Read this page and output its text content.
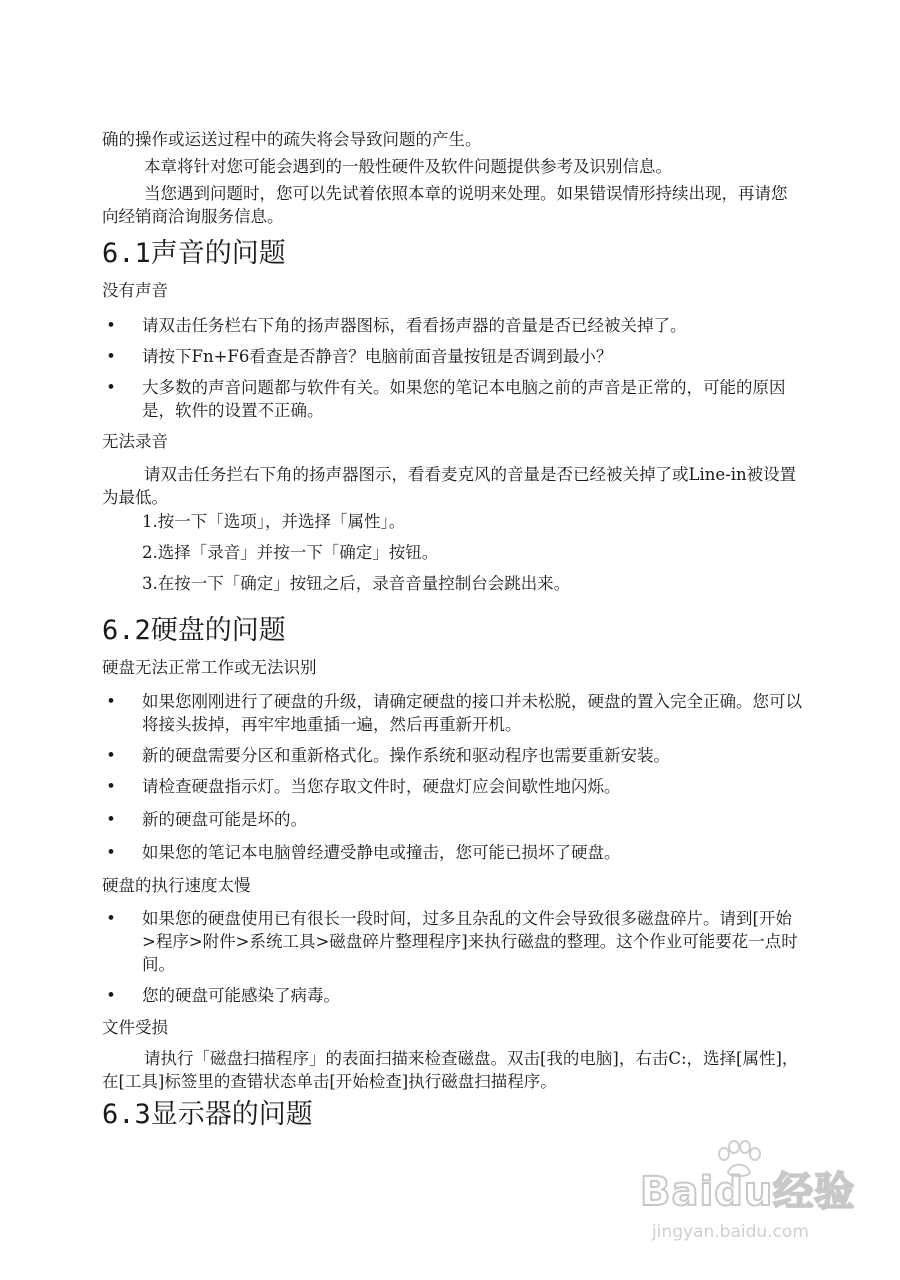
确的操作或运送过程中的疏失将会导致问题的产生。

本章将针对您可能会遇到的一般性硬件及软件问题提供参考及识别信息。

当您遇到问题时，您可以先试着依照本章的说明来处理。如果错误情形持续出现，再请您向经销商洽询服务信息。

6.1声音的问题
没有声音
• 请双击任务栏右下角的扬声器图标，看看扬声器的音量是否已经被关掉了。
• 请按下Fn+F6看查是否静音？电脑前面音量按钮是否调到最小？
• 大多数的声音问题都与软件有关。如果您的笔记本电脑之前的声音是正常的，可能的原因是，软件的设置不正确。
无法录音

请双击任务拦右下角的扬声器图示，看看麦克风的音量是否已经被关掉了或Line-in被设置为最低。

1.按一下「选项」，并选择「属性」。
2.选择「录音」并按一下「确定」按钮。
3.在按一下「确定」按钮之后，录音音量控制台会跳出来。
6.2硬盘的问题
硬盘无法正常工作或无法识别
• 如果您刚刚进行了硬盘的升级，请确定硬盘的接口并未松脱，硬盘的置入完全正确。您可以将接头拔掉，再牢牢地重插一遍，然后再重新开机。
• 新的硬盘需要分区和重新格式化。操作系统和驱动程序也需要重新安装。
• 请检查硬盘指示灯。当您存取文件时，硬盘灯应会间歇性地闪烁。
• 新的硬盘可能是坏的。
• 如果您的笔记本电脑曾经遭受静电或撞击，您可能已损坏了硬盘。
硬盘的执行速度太慢
• 如果您的硬盘使用已有很长一段时间，过多且杂乱的文件会导致很多磁盘碎片。请到[开始>程序>附件>系统工具>磁盘碎片整理程序]来执行磁盘的整理。这个作业可能要花一点时间。
• 您的硬盘可能感染了病毒。
文件受损

请执行「磁盘扫描程序」的表面扫描来检查磁盘。双击[我的电脑]，右击C:，选择[属性]，在[工具]标签里的查错状态单击[开始检查]执行磁盘扫描程序。

6.3显示器的问题
Baidu经验
jingyan.baidu.com
